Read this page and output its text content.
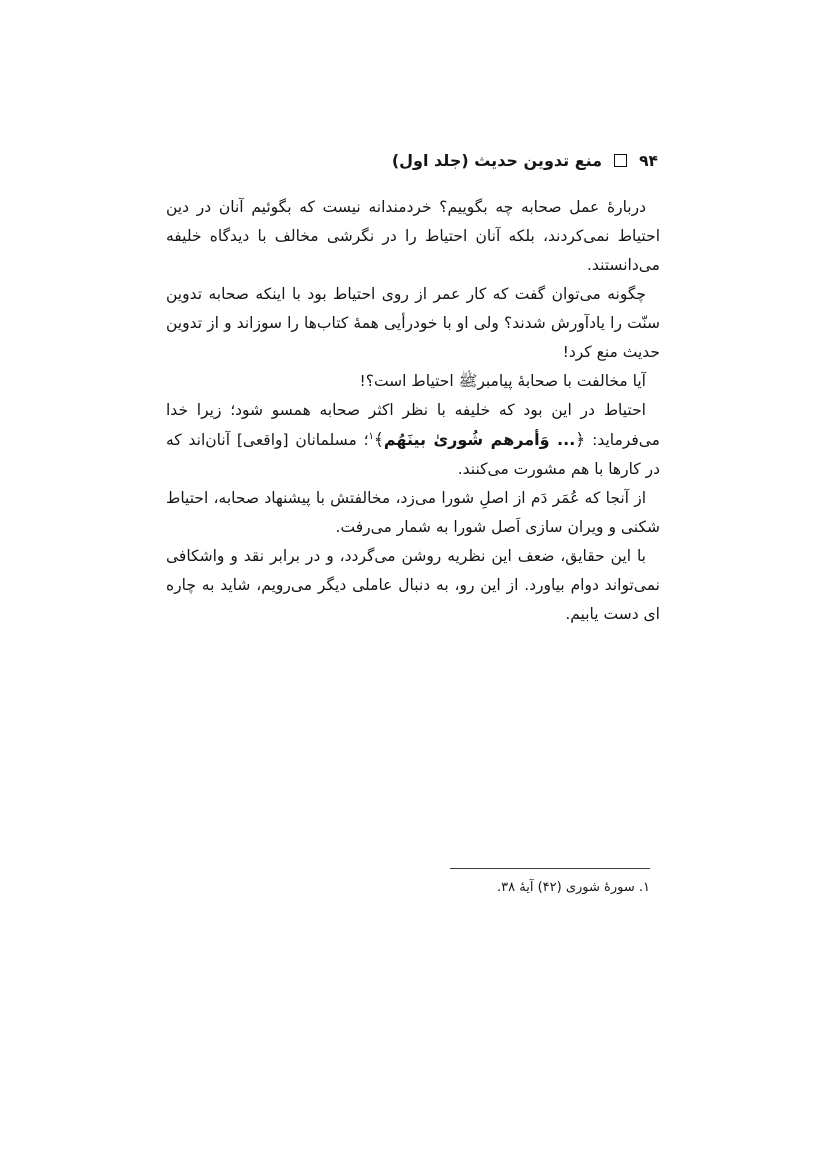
۹۴
منع تدوین حدیث (جلد اول)

دربارهٔ عمل صحابه چه بگوییم؟ خردمندانه نیست که بگوئیم آنان در دین احتیاط نمی‌کردند، بلکه آنان احتیاط را در نگرشی مخالف با دیدگاه خلیفه می‌دانستند.

چگونه می‌توان گفت که کار عمر از روی احتیاط بود با اینکه صحابه تدوین سنّت را یادآورش شدند؟ ولی او با خودرأیی همهٔ کتاب‌ها را سوزاند و از تدوین حدیث منع کرد!

آیا مخالفت با صحابهٔ پیامبرﷺ احتیاط است؟!

احتیاط در این بود که خلیفه با نظر اکثر صحابه همسو شود؛ زیرا خدا می‌فرماید: ﴿... وَأمرهم شُوریٰ بینَهُم﴾$^۱$؛ مسلمانان [واقعی] آنان‌اند که در کارها با هم مشورت می‌کنند.

از آنجا که عُمَر دَم از اصلِ شورا می‌زد، مخالفتش با پیشنهاد صحابه، احتیاط شکنی و ویران سازی اَصل شورا به شمار می‌رفت.

با این حقایق، ضعف این نظریه روشن می‌گردد، و در برابر نقد و واشکافی نمی‌تواند دوام بیاورد. از این رو، به دنبال عاملی دیگر می‌رویم، شاید به چاره ای دست یابیم.

۱. سورهٔ شوری (۴۲) آیهٔ ۳۸.
